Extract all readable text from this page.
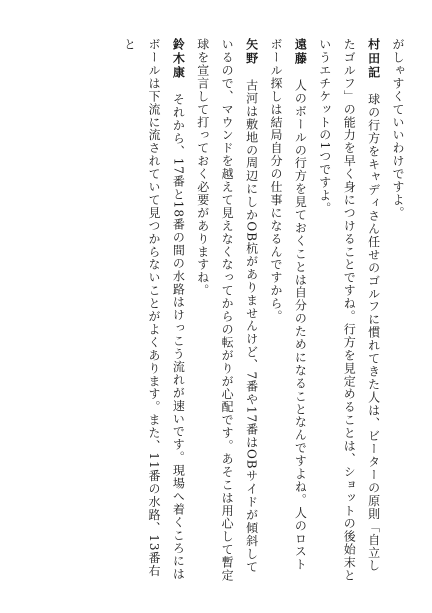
がしゃすくていいわけですよ。

村田記　球の行方をキャディさん任せのゴルフに慣れてきた人は、ビーターの原則「自立したゴルフ」の能力を早く身につけることですね。行方を見定めることは、ショットの後始末というエチケットの1つですよ。

遠藤　人のボールの行方を見ておくことは自分のためになることなんですよね。人のロストボール探しは結局自分の仕事になるんですから。

矢野　古河は敷地の周辺にしかOB杭がありませんけど、7番や17番はOBサイドが傾斜しているので、マウンドを越えて見えなくなってからの転がりが心配です。あそこは用心して暫定球を宣言して打っておく必要がありますね。

鈴木康　それから、17番と18番の間の水路はけっこう流れが速いです。現場へ着くころにはボールは下流に流されていて見つからないことがよくあります。また、11番の水路、13番右と
